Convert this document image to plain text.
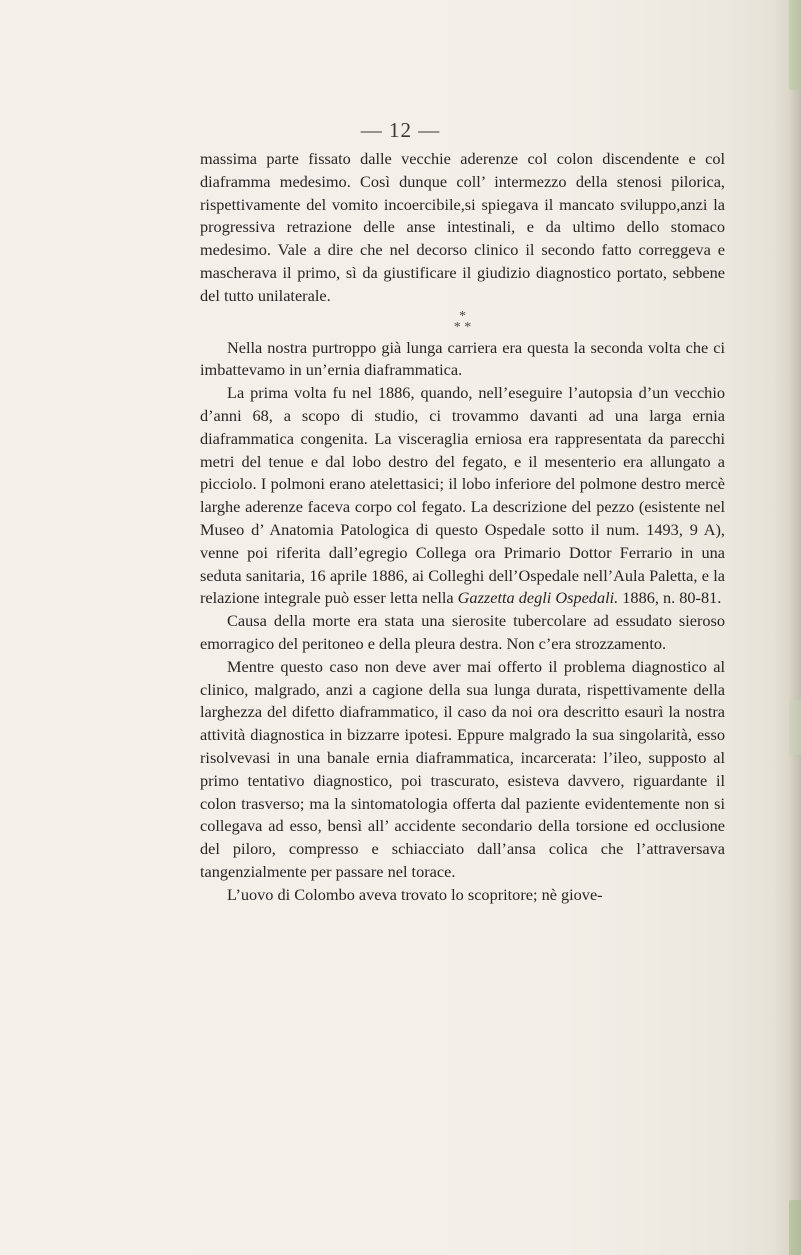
— 12 —

massima parte fissato dalle vecchie aderenze col colon discendente e col diaframma medesimo. Così dunque coll’ intermezzo della stenosi pilorica, rispettivamente del vomito incoercibile,si spiegava il mancato sviluppo,anzi la progressiva retrazione delle anse intestinali, e da ultimo dello stomaco medesimo. Vale a dire che nel decorso clinico il secondo fatto correggeva e mascherava il primo, sì da giustificare il giudizio diagnostico portato, sebbene del tutto unilaterale.

*
* *

Nella nostra purtroppo già lunga carriera era questa la seconda volta che ci imbattevamo in un’ernia diaframmatica.

La prima volta fu nel 1886, quando, nell’eseguire l’autopsia d’un vecchio d’anni 68, a scopo di studio, ci trovammo davanti ad una larga ernia diaframmatica congenita. La visceraglia erniosa era rappresentata da parecchi metri del tenue e dal lobo destro del fegato, e il mesenterio era allungato a picciolo. I polmoni erano atelettasici; il lobo inferiore del polmone destro mercè larghe aderenze faceva corpo col fegato. La descrizione del pezzo (esistente nel Museo d’ Anatomia Patologica di questo Ospedale sotto il num. 1493, 9 A), venne poi riferita dall’egregio Collega ora Primario Dottor Ferrario in una seduta sanitaria, 16 aprile 1886, ai Colleghi dell’Ospedale nell’Aula Paletta, e la relazione integrale può esser letta nella Gazzetta degli Ospedali. 1886, n. 80-81.

Causa della morte era stata una sierosite tubercolare ad essudato sieroso emorragico del peritoneo e della pleura destra. Non c’era strozzamento.

Mentre questo caso non deve aver mai offerto il problema diagnostico al clinico, malgrado, anzi a cagione della sua lunga durata, rispettivamente della larghezza del difetto diaframmatico, il caso da noi ora descritto esaurì la nostra attività diagnostica in bizzarre ipotesi. Eppure malgrado la sua singolarità, esso risolvevasi in una banale ernia diaframmatica, incarcerata: l’ileo, supposto al primo tentativo diagnostico, poi trascurato, esisteva davvero, riguardante il colon trasverso; ma la sintomatologia offerta dal paziente evidentemente non si collegava ad esso, bensì all’ accidente secondario della torsione ed occlusione del piloro, compresso e schiacciato dall’ansa colica che l’attraversava tangenzialmente per passare nel torace.

L’uovo di Colombo aveva trovato lo scopritore; nè giove-
